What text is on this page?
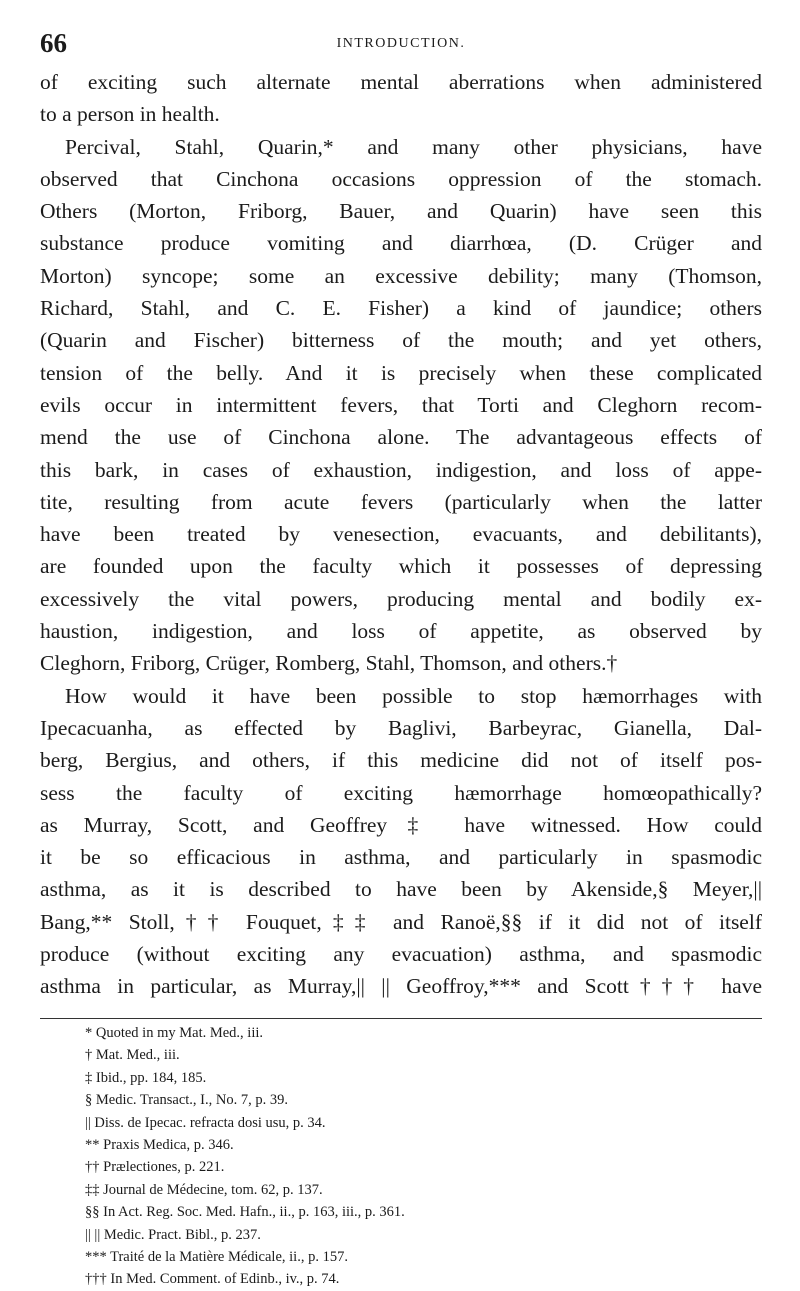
66	INTRODUCTION.
of exciting such alternate mental aberrations when administered
to a person in health.
Percival, Stahl, Quarin,* and many other physicians, have
observed that Cinchona occasions oppression of the stomach.
Others (Morton, Friborg, Bauer, and Quarin) have seen this
substance produce vomiting and diarrhœa, (D. Crüger and
Morton) syncope; some an excessive debility; many (Thomson,
Richard, Stahl, and C. E. Fisher) a kind of jaundice; others
(Quarin and Fischer) bitterness of the mouth; and yet others,
tension of the belly. And it is precisely when these complicated
evils occur in intermittent fevers, that Torti and Cleghorn recom-
mend the use of Cinchona alone. The advantageous effects of
this bark, in cases of exhaustion, indigestion, and loss of appe-
tite, resulting from acute fevers (particularly when the latter
have been treated by venesection, evacuants, and debilitants),
are founded upon the faculty which it possesses of depressing
excessively the vital powers, producing mental and bodily ex-
haustion, indigestion, and loss of appetite, as observed by
Cleghorn, Friborg, Crüger, Romberg, Stahl, Thomson, and others.†
How would it have been possible to stop hæmorrhages with
Ipecacuanha, as effected by Baglivi, Barbeyrac, Gianella, Dal-
berg, Bergius, and others, if this medicine did not of itself pos-
sess the faculty of exciting hæmorrhage homœopathically?
as Murray, Scott, and Geoffrey‡ have witnessed. How could
it be so efficacious in asthma, and particularly in spasmodic
asthma, as it is described to have been by Akenside,§ Meyer,||
Bang,** Stoll,†† Fouquet,‡‡ and Ranoë,§§ if it did not of itself
produce (without exciting any evacuation) asthma, and spasmodic
asthma in particular, as Murray,|| || Geoffroy,*** and Scott††† have
* Quoted in my Mat. Med., iii.
† Mat. Med., iii.
‡ Ibid., pp. 184, 185.
§ Medic. Transact., I., No. 7, p. 39.
|| Diss. de Ipecac. refracta dosi usu, p. 34.
** Praxis Medica, p. 346.
†† Prælectiones, p. 221.
‡‡ Journal de Médecine, tom. 62, p. 137.
§§ In Act. Reg. Soc. Med. Hafn., ii., p. 163, iii., p. 361.
|| || Medic. Pract. Bibl., p. 237.
*** Traité de la Matière Médicale, ii., p. 157.
††† In Med. Comment. of Edinb., iv., p. 74.
